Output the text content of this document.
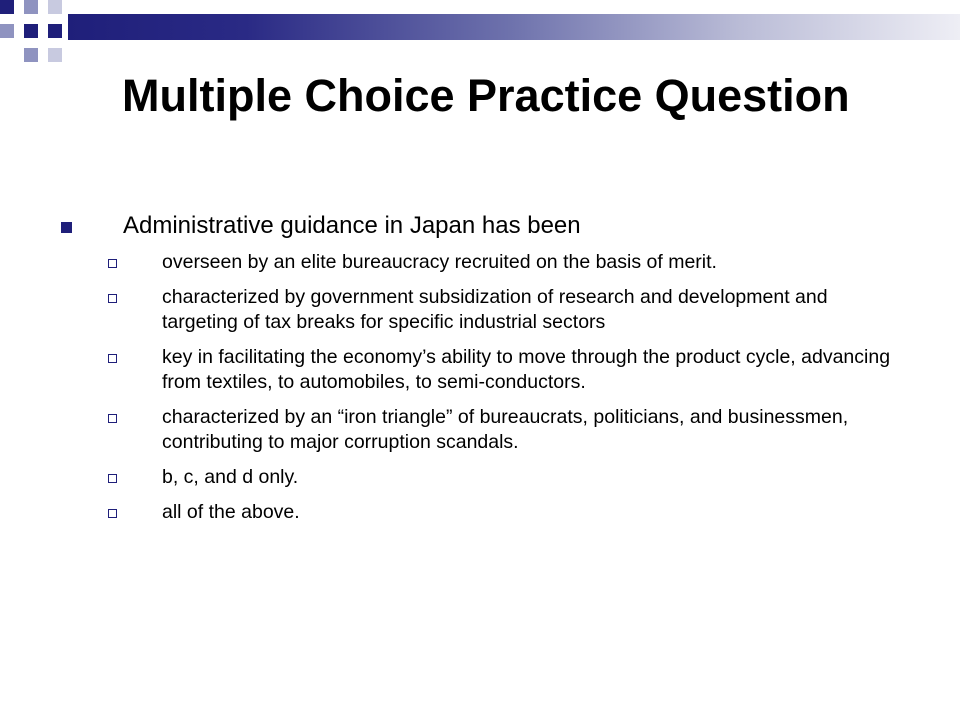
Multiple Choice Practice Question
Administrative guidance in Japan has been
overseen by an elite bureaucracy recruited on the basis of merit.
characterized by government subsidization of research and development and targeting of tax breaks for specific industrial sectors
key in facilitating the economy’s ability to move through the product cycle, advancing from textiles, to automobiles, to semi-conductors.
characterized by an “iron triangle” of bureaucrats, politicians, and businessmen, contributing to major corruption scandals.
b, c, and d only.
all of the above.
